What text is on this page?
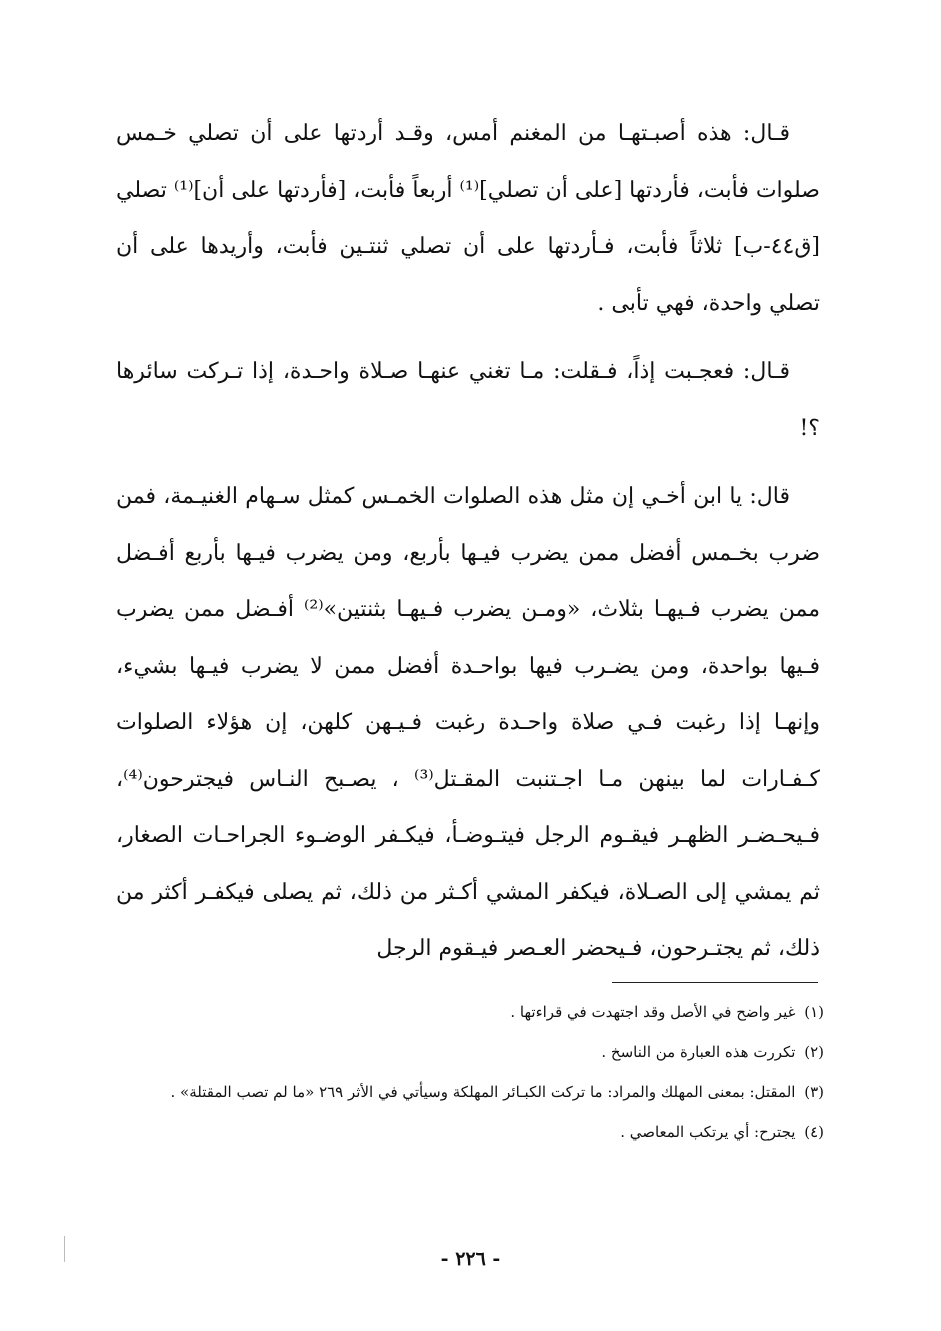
قـال: هذه أصبـتهـا من المغنم أمس، وقـد أردتها على أن تصلي خـمس صلوات فأبت، فأردتها [على أن تصلي]⁽¹⁾ أربعاً فأبت، [فأردتها على أن]⁽¹⁾ تصلي [ق٤٤-ب] ثلاثاً فأبت، فـأردتها على أن تصلي ثنتـين فأبت، وأريدها على أن تصلي واحدة، فهي تأبى .

قـال: فعجـبت إذاً، فـقلت: مـا تغني عنهـا صـلاة واحـدة، إذا تـركت سائرها ؟!

قال: يا ابن أخـي إن مثل هذه الصلوات الخمـس كمثل سـهام الغنيـمة، فمن ضرب بخـمس أفضل ممن يضرب فيـها بأربع، ومن يضرب فيـها بأربع أفـضل ممن يضرب فـيهـا بثلاث، «ومـن يضرب فـيهـا بثنتين»⁽²⁾ أفـضل ممن يضرب فـيها بواحدة، ومن يضـرب فيها بواحـدة أفضل ممن لا يضرب فيـها بشيء، وإنهـا إذا رغبت فـي صلاة واحـدة رغبت فـيـهن كلهن، إن هؤلاء الصلوات كـفـارات لما بينهن مـا اجـتنبت المقـتل⁽³⁾ ، يصـبح النـاس فيجترحون⁽⁴⁾، فـيحـضـر الظهـر فيقـوم الرجل فيتـوضـأ، فيكـفر الوضـوء الجراحـات الصغار، ثم يمشي إلى الصـلاة، فيكفر المشي أكـثر من ذلك، ثم يصلى فيكفـر أكثر من ذلك، ثم يجتـرحون، فـيحضر العـصر فيـقوم الرجل

(١) غير واضح في الأصل وقد اجتهدت في قراءتها .
(٢) تكررت هذه العبارة من الناسخ .
(٣) المقتل: بمعنى المهلك والمراد: ما تركت الكبـائر المهلكة وسيأتي في الأثر ٢٦٩ «ما لم تصب المقتلة» .
(٤) يجترح: أي يرتكب المعاصي .
- ٢٢٦ -
